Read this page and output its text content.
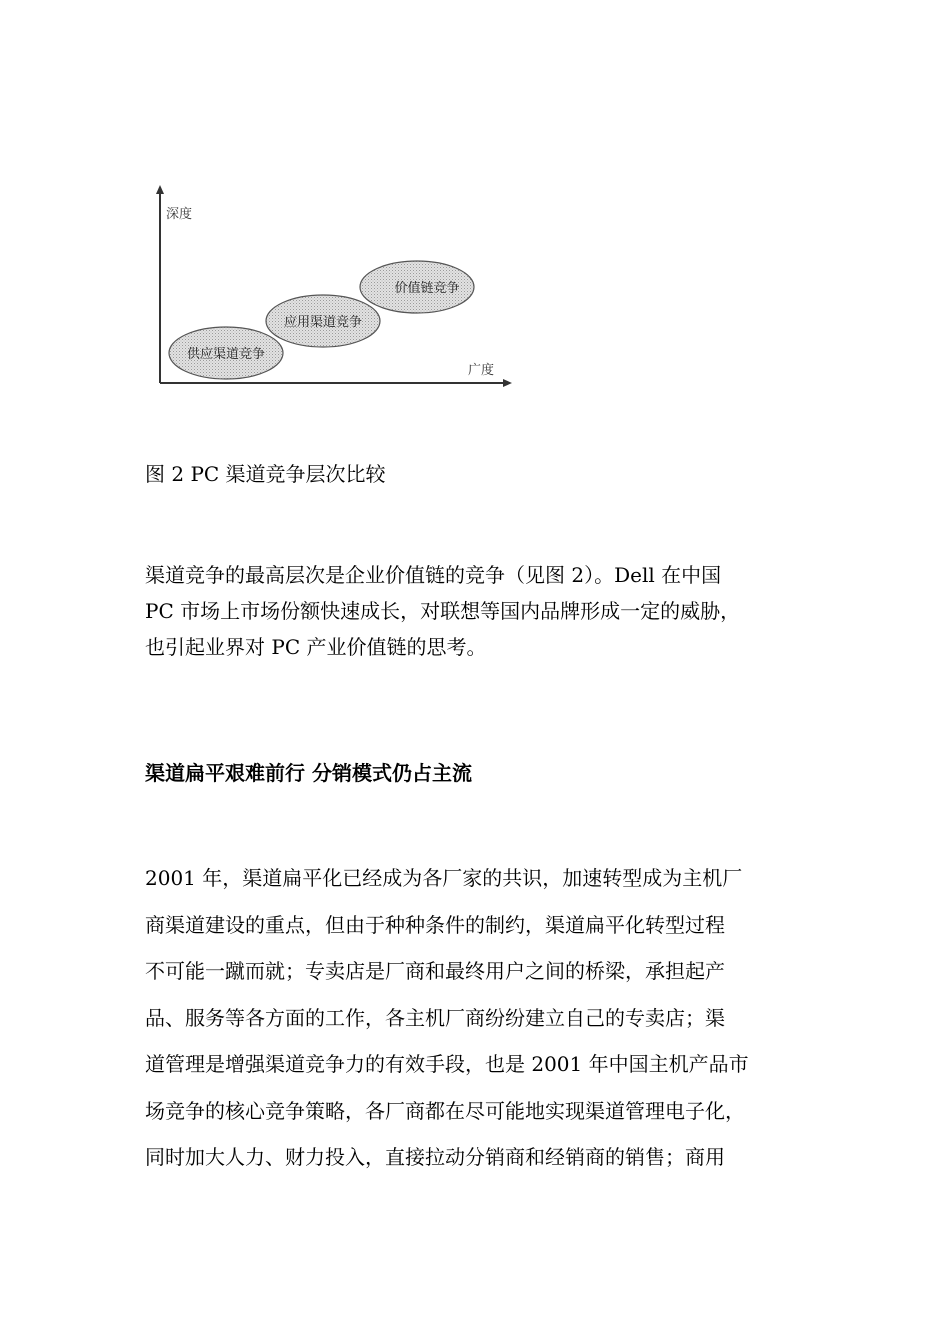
深度
广度
供应渠道竞争
应用渠道竞争
价值链竞争
图 2 PC 渠道竞争层次比较

渠道竞争的最高层次是企业价值链的竞争（见图 2）。Dell 在中国
PC 市场上市场份额快速成长，对联想等国内品牌形成一定的威胁，
也引起业界对 PC 产业价值链的思考。

渠道扁平艰难前行 分销模式仍占主流

2001 年，渠道扁平化已经成为各厂家的共识，加速转型成为主机厂
商渠道建设的重点，但由于种种条件的制约，渠道扁平化转型过程
不可能一蹴而就；专卖店是厂商和最终用户之间的桥梁，承担起产
品、服务等各方面的工作，各主机厂商纷纷建立自己的专卖店；渠
道管理是增强渠道竞争力的有效手段，也是 2001 年中国主机产品市
场竞争的核心竞争策略，各厂商都在尽可能地实现渠道管理电子化，
同时加大人力、财力投入，直接拉动分销商和经销商的销售；商用
